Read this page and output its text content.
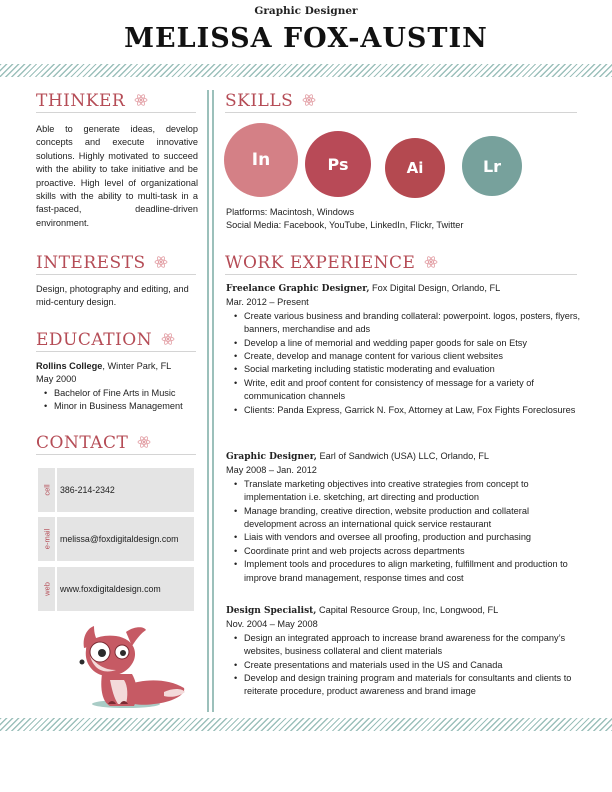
Graphic Designer
MELISSA FOX-AUSTIN
THINKER
Able to generate ideas, develop concepts and execute innovative solutions. Highly motivated to succeed with the ability to take initiative and be proactive. High level of organizational skills with the ability to multi-task in a fast-paced, deadline-driven environment.
INTERESTS
Design, photography and editing, and mid-century design.
EDUCATION
Rollins College, Winter Park, FL
May 2000
• Bachelor of Fine Arts in Music
• Minor in Business Management
CONTACT
cell	386-214-2342
e-mail	melissa@foxdigitaldesign.com
web	www.foxdigitaldesign.com
SKILLS
In	Ps	Ai	Lr
Platforms: Macintosh, Windows
Social Media: Facebook, YouTube, LinkedIn, Flickr, Twitter
WORK EXPERIENCE
Freelance Graphic Designer, Fox Digital Design, Orlando, FL
Mar. 2012 – Present
• Create various business and branding collateral: powerpoint. logos, posters, flyers, banners, merchandise and ads
• Develop a line of memorial and wedding paper goods for sale on Etsy
• Create, develop and manage content for various client websites
• Social marketing including statistic moderating and evaluation
• Write, edit and proof content for consistency of message for a variety of communication channels
• Clients: Panda Express, Garrick N. Fox, Attorney at Law, Fox Fights Foreclosures
Graphic Designer, Earl of Sandwich (USA) LLC, Orlando, FL
May 2008 – Jan. 2012
• Translate marketing objectives into creative strategies from concept to implementation i.e. sketching, art directing and production
• Manage branding, creative direction, website production and collateral development across an international quick service restaurant
• Liais with vendors and oversee all proofing, production and purchasing
• Coordinate print and web projects across departments
• Implement tools and procedures to align marketing, fulfillment and production to improve brand management, response times and cost
Design Specialist, Capital Resource Group, Inc, Longwood, FL
Nov. 2004 – May 2008
• Design an integrated approach to increase brand awareness for the company’s websites, business collateral and client materials
• Create presentations and materials used in the US and Canada
• Develop and design training program and materials for consultants and clients to reiterate procedure, product awareness and brand image
